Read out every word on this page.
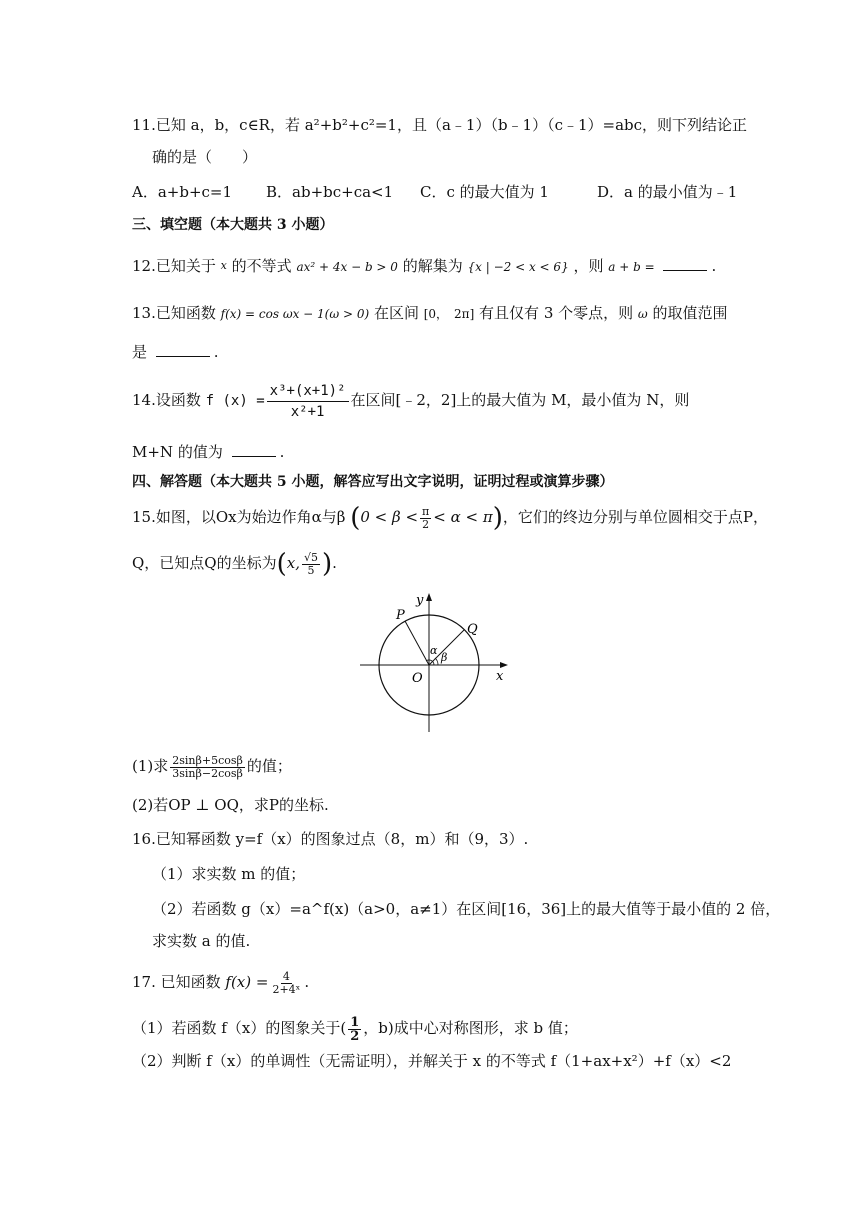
11.已知 a，b，c∈R，若 a²+b²+c²=1，且（a﹣1）（b﹣1）（c﹣1）=abc，则下列结论正
确的是（　　）
A．a+b+c=1 B．ab+bc+ca<1 C．c 的最大值为 1	D．a 的最小值为﹣1
三、填空题（本大题共 3 小题）
12.已知关于 $^x$ 的不等式 ax² + 4x − b > 0 的解集为 {x | −2 < x < 6} ，则 a + b =	.
13.已知函数 f(x) = cos ωx − 1(ω > 0) 在区间 [0，　2π] 有且仅有 3 个零点，则 ω 的取值范围
是	.
14.设函数 f $(x) = \frac{\text{x³+(x+1)²}}{\text{x²+1}}$ 在区间[﹣2，2]上的最大值为 M，最小值为 N，则
M+N 的值为	.
四、解答题（本大题共 5 小题，解答应写出文字说明，证明过程或演算步骤）
15.如图，以Ox为始边作角α与β $(0 < \beta < \frac{\pi}{2} < \alpha < \pi)$，它们的终边分别与单位圆相交于点P，
Q，已知点Q的坐标为(x, $\frac{√5}{5}$ ).
P
Q
O	x
y
α
β
(1)求 $\frac{2\sin\beta+5\cos\beta}{3\sin\beta-2\cos\beta}$ 的值；
(2)若OP ⊥ OQ，求P的坐标.
16.已知幂函数 y=f（x）的图象过点（8，m）和（9，3）.
（1）求实数 m 的值；
（2）若函数 g（x）=a^f(x)（a>0，a≠1）在区间[16，36]上的最大值等于最小值的 2 倍，
求实数 a 的值.
17. 已知函数 $f(x) = \frac{4}{\text{2+4ˣ}}$ .
（1）若函数 f（x）的图象关于( $\frac{1}{2}$ ，b)成中心对称图形，求 b 值；
（2）判断 f（x）的单调性（无需证明），并解关于 x 的不等式 f（1+ax+x²）+f（x）<2
